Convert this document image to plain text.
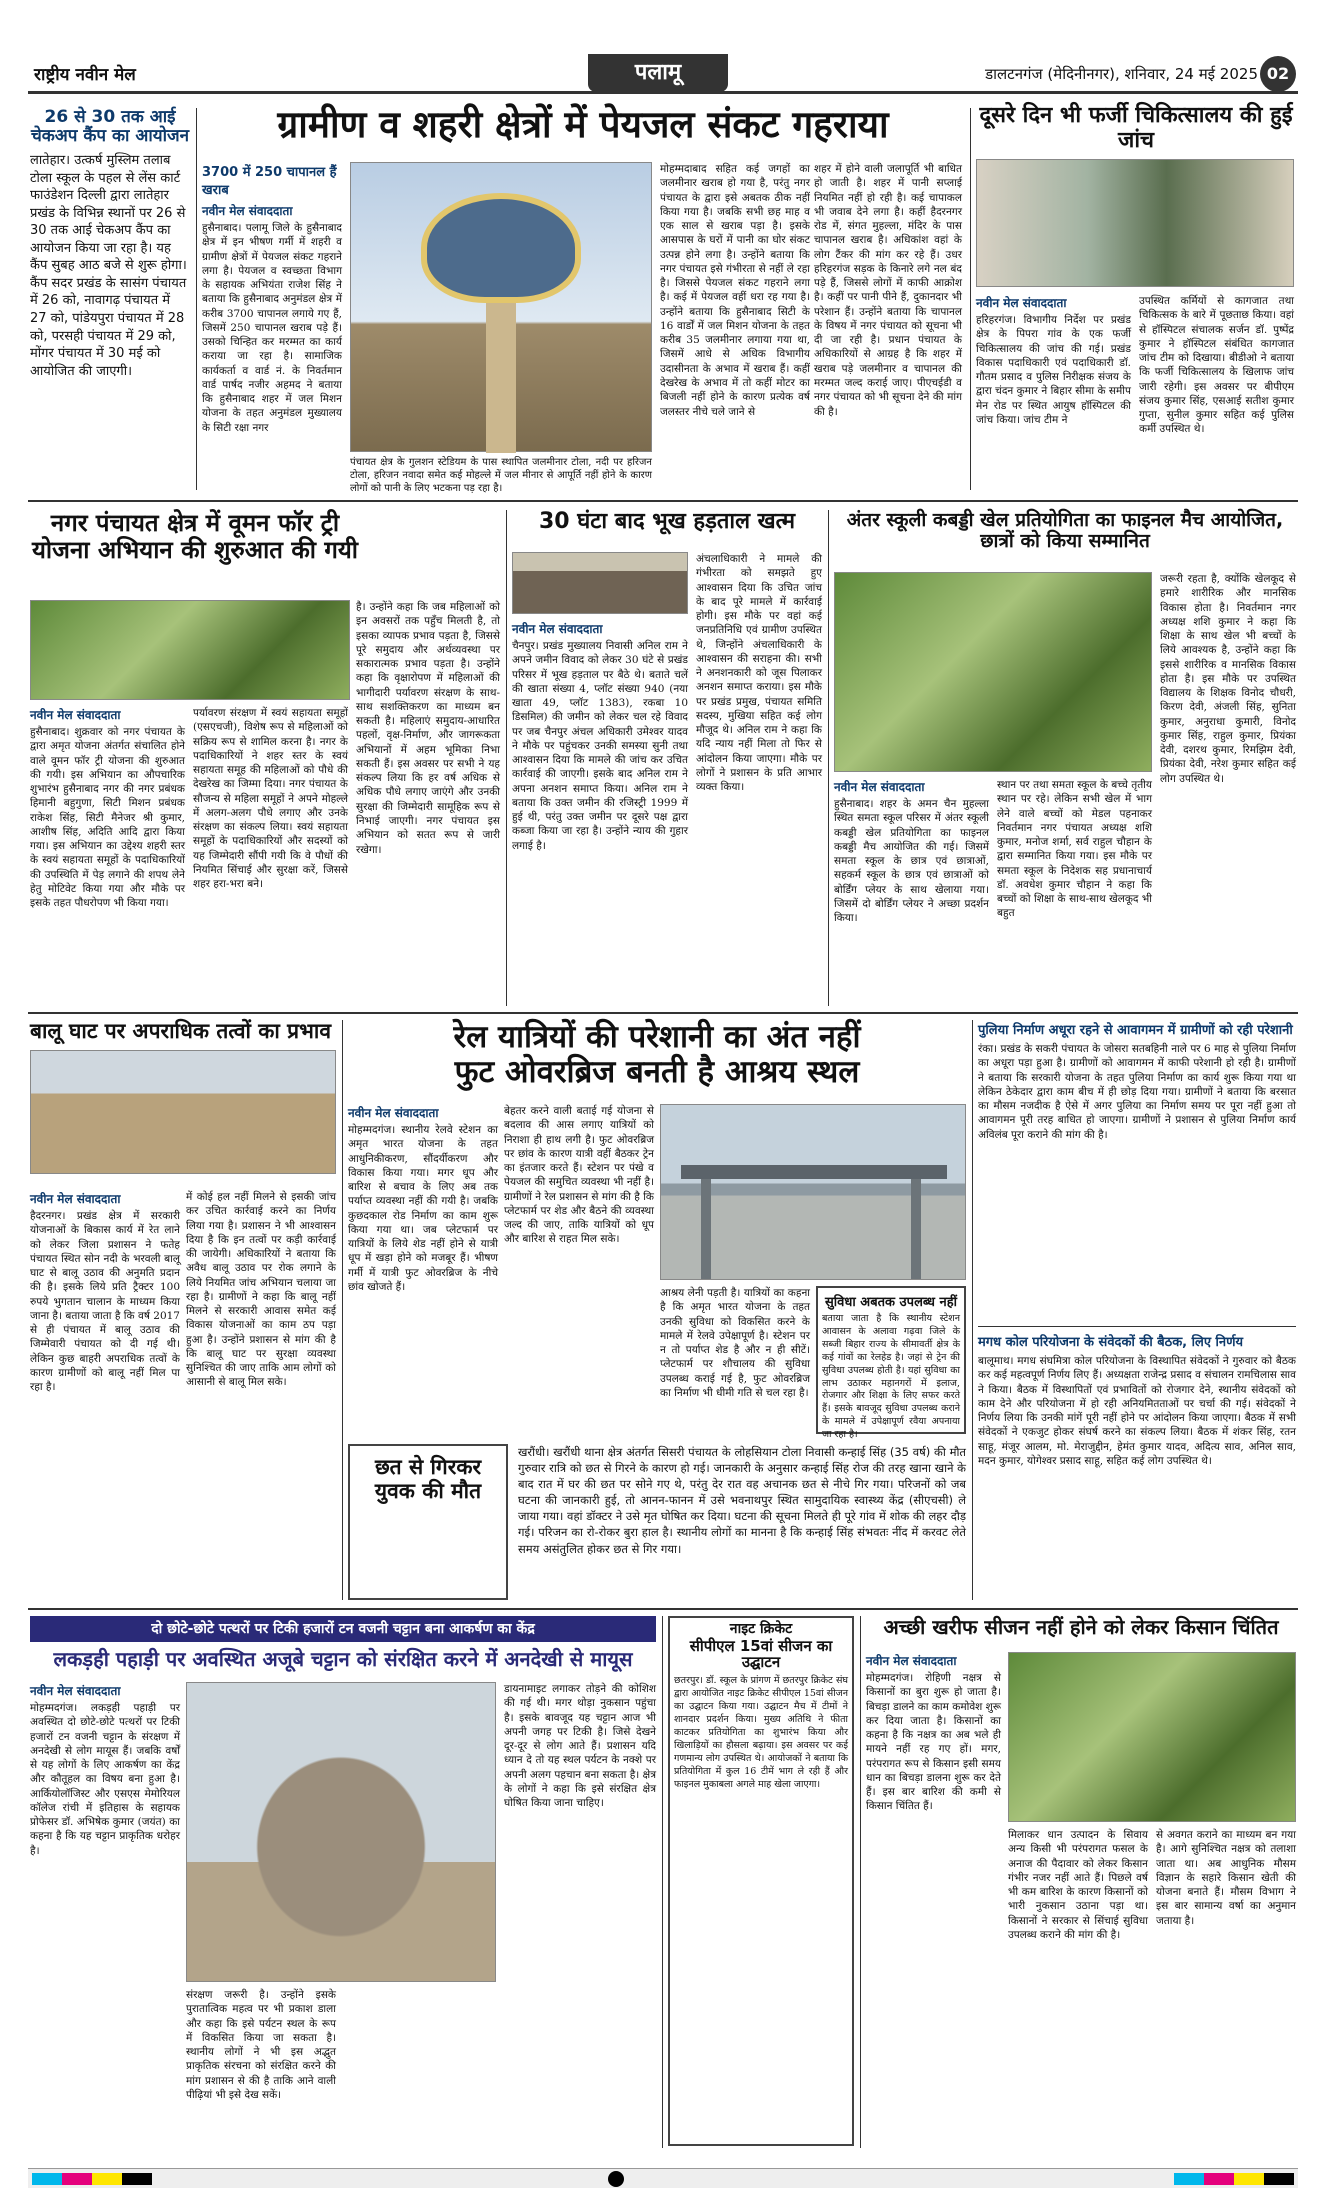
राष्ट्रीय नवीन मेल	पलामू	डालटनगंज (मेदिनीनगर), शनिवार, 24 मई 2025 02
26 से 30 तक आई चेकअप कैंप का आयोजन
लातेहार। उत्कर्ष मुस्लिम तलाब टोला स्कूल के पहल से लेंस कार्ट फाउंडेशन दिल्ली द्वारा लातेहार प्रखंड के विभिन्न स्थानों पर 26 से 30 तक आई चेकअप कैंप का आयोजन किया जा रहा है। यह कैंप सुबह आठ बजे से शुरू होगा। कैंप सदर प्रखंड के सासंग पंचायत में 26 को, नावागढ़ पंचायत में 27 को, पांडेयपुरा पंचायत में 28 को, परसही पंचायत में 29 को, मोंगर पंचायत में 30 मई को आयोजित की जाएगी।
ग्रामीण व शहरी क्षेत्रों में पेयजल संकट गहराया
3700 में 250 चापानल हैं खराब
नवीन मेल संवाददाता
हुसैनाबाद। पलामू जिले के हुसैनाबाद क्षेत्र में इन भीषण गर्मी में शहरी व ग्रामीण क्षेत्रों में पेयजल संकट गहराने लगा है। पेयजल व स्वच्छता विभाग के सहायक अभियंता राजेश सिंह ने बताया कि हुसैनाबाद अनुमंडल क्षेत्र में करीब 3700 चापानल लगाये गए हैं, जिसमें 250 चापानल खराब पड़े हैं। उसको चिन्हित कर मरम्मत का कार्य कराया जा रहा है। सामाजिक कार्यकर्ता व वार्ड नं. के निवर्तमान वार्ड पार्षद नजीर अहमद ने बताया कि हुसैनाबाद शहर में जल मिशन योजना के तहत अनुमंडल मुख्यालय के सिटी रक्षा नगर
पंचायत क्षेत्र के गुलशन स्टेडियम के पास स्थापित जलमीनार टोला, नदी पर हरिजन टोला, हरिजन नवादा समेत कई मोहल्ले में जल मीनार से आपूर्ति नहीं होने के कारण लोगों को पानी के लिए भटकना पड़ रहा है।
मोहम्मदाबाद सहित कई जगहों का जलमीनार खराब हो गया है, परंतु नगर पंचायत के द्वारा इसे अबतक ठीक नहीं किया गया है। जबकि सभी छह माह व एक साल से खराब पड़ा है। इसके आसपास के घरों में पानी का घोर संकट उत्पन्न होने लगा है। उन्होंने बताया कि नगर पंचायत इसे गंभीरता से नहीं ले रहा है। जिससे पेयजल संकट गहराने लगा है। कई में पेयजल वहीं धरा रह गया है। उन्होंने बताया कि हुसैनाबाद सिटी के 16 वार्डों में जल मिशन योजना के तहत करीब 35 जलमीनार लगाया गया था, जिसमें आधे से अधिक विभागीय उदासीनता के अभाव में खराब हैं। कहीं देखरेख के अभाव में तो कहीं मोटर का बिजली नहीं होने के कारण प्रत्येक वर्ष जलस्तर नीचे चले जाने से
शहर में होने वाली जलापूर्ति भी बाधित हो जाती है। शहर में पानी सप्लाई नियमित नहीं हो रही है। कई चापाकल भी जवाब देने लगा है। कहीं हैदरनगर रोड में, संगत मुहल्ला, मंदिर के पास चापानल खराब है। अधिकांश वहां के लोग टैंकर की मांग कर रहे हैं। उधर हरिहरगंज सड़क के किनारे लगे नल बंद पड़े हैं, जिससे लोगों में काफी आक्रोश है। कहीं पर पानी पीने हैं, दुकानदार भी परेशान हैं। उन्होंने बताया कि चापानल के विषय में नगर पंचायत को सूचना भी दी जा रही है। प्रधान पंचायत के अधिकारियों से आग्रह है कि शहर में खराब पड़े जलमीनार व चापानल की मरम्मत जल्द कराई जाए। पीएचईडी व नगर पंचायत को भी सूचना देने की मांग की है।
दूसरे दिन भी फर्जी चिकित्सालय की हुई जांच
नवीन मेल संवाददाता
हरिहरगंज। विभागीय निर्देश पर प्रखंड क्षेत्र के पिपरा गांव के एक फर्जी चिकित्सालय की जांच की गई। प्रखंड विकास पदाधिकारी एवं पदाधिकारी डॉ. गौतम प्रसाद व पुलिस निरीक्षक संजय के द्वारा चंदन कुमार ने बिहार सीमा के समीप मेन रोड पर स्थित आयुष हॉस्पिटल की जांच किया। जांच टीम ने
उपस्थित कर्मियों से कागजात तथा चिकित्सक के बारे में पूछताछ किया। वहां से हॉस्पिटल संचालक सर्जन डॉ. पुष्पेंद्र कुमार ने हॉस्पिटल संबंधित कागजात जांच टीम को दिखाया। बीडीओ ने बताया कि फर्जी चिकित्सालय के खिलाफ जांच जारी रहेगी। इस अवसर पर बीपीएम संजय कुमार सिंह, एसआई सतीश कुमार गुप्ता, सुनील कुमार सहित कई पुलिस कर्मी उपस्थित थे।
नगर पंचायत क्षेत्र में वूमन फॉर ट्री योजना अभियान की शुरुआत की गयी
नवीन मेल संवाददाता
हुसैनाबाद। शुक्रवार को नगर पंचायत के द्वारा अमृत योजना अंतर्गत संचालित होने वाले वूमन फॉर ट्री योजना की शुरुआत की गयी। इस अभियान का औपचारिक शुभारंभ हुसैनाबाद नगर की नगर प्रबंधक हिमानी बहुगुणा, सिटी मिशन प्रबंधक राकेश सिंह, सिटी मैनेजर श्री कुमार, आशीष सिंह, अदिति आदि द्वारा किया गया। इस अभियान का उद्देश्य शहरी स्तर के स्वयं सहायता समूहों के पदाधिकारियों की उपस्थिति में पेड़ लगाने की शपथ लेने हेतु मोटिवेट किया गया और मौके पर इसके तहत पौधरोपण भी किया गया।
पर्यावरण संरक्षण में स्वयं सहायता समूहों (एसएचजी), विशेष रूप से महिलाओं को सक्रिय रूप से शामिल करना है। नगर के पदाधिकारियों ने शहर स्तर के स्वयं सहायता समूह की महिलाओं को पौधे की देखरेख का जिम्मा दिया। नगर पंचायत के सौजन्य से महिला समूहों ने अपने मोहल्ले में अलग-अलग पौधे लगाए और उनके संरक्षण का संकल्प लिया। स्वयं सहायता समूहों के पदाधिकारियों और सदस्यों को यह जिम्मेदारी सौंपी गयी कि वे पौधों की नियमित सिंचाई और सुरक्षा करें, जिससे शहर हरा-भरा बने।
है। उन्होंने कहा कि जब महिलाओं को इन अवसरों तक पहुँच मिलती है, तो इसका व्यापक प्रभाव पड़ता है, जिससे पूरे समुदाय और अर्थव्यवस्था पर सकारात्मक प्रभाव पड़ता है। उन्होंने कहा कि वृक्षारोपण में महिलाओं की भागीदारी पर्यावरण संरक्षण के साथ-साथ सशक्तिकरण का माध्यम बन सकती है। महिलाएं समुदाय-आधारित पहलों, वृक्ष-निर्माण, और जागरूकता अभियानों में अहम भूमिका निभा सकती हैं। इस अवसर पर सभी ने यह संकल्प लिया कि हर वर्ष अधिक से अधिक पौधे लगाए जाएंगे और उनकी सुरक्षा की जिम्मेदारी सामूहिक रूप से निभाई जाएगी। नगर पंचायत इस अभियान को सतत रूप से जारी रखेगा।
30 घंटा बाद भूख हड़ताल खत्म
नवीन मेल संवाददाता
चैनपुर। प्रखंड मुख्यालय निवासी अनिल राम ने अपने जमीन विवाद को लेकर 30 घंटे से प्रखंड परिसर में भूख हड़ताल पर बैठे थे। बताते चलें की खाता संख्या 4, प्लॉट संख्या 940 (नया खाता 49, प्लॉट 1383), रकबा 10 डिसमिल) की जमीन को लेकर चल रहे विवाद पर जब चैनपुर अंचल अधिकारी उमेश्वर यादव ने मौके पर पहुंचकर उनकी समस्या सुनी तथा आश्वासन दिया कि मामले की जांच कर उचित कार्रवाई की जाएगी। इसके बाद अनिल राम ने अपना अनशन समाप्त किया। अनिल राम ने बताया कि उक्त जमीन की रजिस्ट्री 1999 में हुई थी, परंतु उक्त जमीन पर दूसरे पक्ष द्वारा कब्जा किया जा रहा है। उन्होंने न्याय की गुहार लगाई है।
अंचलाधिकारी ने मामले की गंभीरता को समझते हुए आश्वासन दिया कि उचित जांच के बाद पूरे मामले में कार्रवाई होगी। इस मौके पर वहां कई जनप्रतिनिधि एवं ग्रामीण उपस्थित थे, जिन्होंने अंचलाधिकारी के आश्वासन की सराहना की। सभी ने अनशनकारी को जूस पिलाकर अनशन समाप्त कराया। इस मौके पर प्रखंड प्रमुख, पंचायत समिति सदस्य, मुखिया सहित कई लोग मौजूद थे। अनिल राम ने कहा कि यदि न्याय नहीं मिला तो फिर से आंदोलन किया जाएगा। मौके पर लोगों ने प्रशासन के प्रति आभार व्यक्त किया।
अंतर स्कूली कबड्डी खेल प्रतियोगिता का फाइनल मैच आयोजित, छात्रों को किया सम्मानित
नवीन मेल संवाददाता
हुसैनाबाद। शहर के अमन चैन मुहल्ला स्थित समता स्कूल परिसर में अंतर स्कूली कबड्डी खेल प्रतियोगिता का फाइनल कबड्डी मैच आयोजित की गई। जिसमें समता स्कूल के छात्र एवं छात्राओं, सहकर्म स्कूल के छात्र एवं छात्राओं को बोर्डिंग प्लेयर के साथ खेलाया गया। जिसमें दो बोर्डिंग प्लेयर ने अच्छा प्रदर्शन किया।
स्थान पर तथा समता स्कूल के बच्चे तृतीय स्थान पर रहे। लेकिन सभी खेल में भाग लेने वाले बच्चों को मेडल पहनाकर निवर्तमान नगर पंचायत अध्यक्ष शशि कुमार, मनोज शर्मा, सर्व राहुल चौहान के द्वारा सम्मानित किया गया। इस मौके पर समता स्कूल के निदेशक सह प्रधानाचार्य डॉ. अवधेश कुमार चौहान ने कहा कि बच्चों को शिक्षा के साथ-साथ खेलकूद भी बहुत
जरूरी रहता है, क्योंकि खेलकूद से हमारे शारीरिक और मानसिक विकास होता है। निवर्तमान नगर अध्यक्ष शशि कुमार ने कहा कि शिक्षा के साथ खेल भी बच्चों के लिये आवश्यक है, उन्होंने कहा कि इससे शारीरिक व मानसिक विकास होता है। इस मौके पर उपस्थित विद्यालय के शिक्षक विनोद चौधरी, किरण देवी, अंजली सिंह, सुनिता कुमार, अनुराधा कुमारी, विनोद कुमार सिंह, राहुल कुमार, प्रियंका देवी, दशरथ कुमार, रिमझिम देवी, प्रियंका देवी, नरेश कुमार सहित कई लोग उपस्थित थे।
बालू घाट पर अपराधिक तत्वों का प्रभाव
नवीन मेल संवाददाता
हैदरनगर। प्रखंड क्षेत्र में सरकारी योजनाओं के बिकास कार्य में रेत लाने को लेकर जिला प्रशासन ने फतेह पंचायत स्थित सोन नदी के भरवली बालू घाट से बालू उठाव की अनुमति प्रदान की है। इसके लिये प्रति ट्रैक्टर 100 रुपये भुगतान चालान के माध्यम किया जाना है। बताया जाता है कि वर्ष 2017 से ही पंचायत में बालू उठाव की जिम्मेवारी पंचायत को दी गई थी। लेकिन कुछ बाहरी अपराधिक तत्वों के कारण ग्रामीणों को बालू नहीं मिल पा रहा है।
में कोई हल नहीं मिलने से इसकी जांच कर उचित कार्रवाई करने का निर्णय लिया गया है। प्रशासन ने भी आश्वासन दिया है कि इन तत्वों पर कड़ी कार्रवाई की जायेगी। अधिकारियों ने बताया कि अवैध बालू उठाव पर रोक लगाने के लिये नियमित जांच अभियान चलाया जा रहा है। ग्रामीणों ने कहा कि बालू नहीं मिलने से सरकारी आवास समेत कई विकास योजनाओं का काम ठप पड़ा हुआ है। उन्होंने प्रशासन से मांग की है कि बालू घाट पर सुरक्षा व्यवस्था सुनिश्चित की जाए ताकि आम लोगों को आसानी से बालू मिल सके।
रेल यात्रियों की परेशानी का अंत नहीं
फुट ओवरब्रिज बनती है आश्रय स्थल
नवीन मेल संवाददाता
मोहम्मदगंज। स्थानीय रेलवे स्टेशन का अमृत भारत योजना के तहत आधुनिकीकरण, सौंदर्यीकरण और विकास किया गया। मगर धूप और बारिश से बचाव के लिए अब तक पर्याप्त व्यवस्था नहीं की गयी है। जबकि कुछदकाल रोड निर्माण का काम शुरू किया गया था। जब प्लेटफार्म पर यात्रियों के लिये शेड नहीं होने से यात्री धूप में खड़ा होने को मजबूर हैं। भीषण गर्मी में यात्री फुट ओवरब्रिज के नीचे छांव खोजते हैं।
बेहतर करने वाली बताई गई योजना से बदलाव की आस लगाए यात्रियों को निराशा ही हाथ लगी है। फुट ओवरब्रिज पर छांव के कारण यात्री वहीं बैठकर ट्रेन का इंतजार करते हैं। स्टेशन पर पंखे व पेयजल की समुचित व्यवस्था भी नहीं है। ग्रामीणों ने रेल प्रशासन से मांग की है कि प्लेटफार्म पर शेड और बैठने की व्यवस्था जल्द की जाए, ताकि यात्रियों को धूप और बारिश से राहत मिल सके।
आश्रय लेनी पड़ती है। यात्रियों का कहना है कि अमृत भारत योजना के तहत उनकी सुविधा को विकसित करने के मामले में रेलवे उपेक्षापूर्ण है। स्टेशन पर न तो पर्याप्त शेड है और न ही सीटें। प्लेटफार्म पर शौचालय की सुविधा उपलब्ध कराई गई है, फुट ओवरब्रिज का निर्माण भी धीमी गति से चल रहा है।
सुविधा अबतक उपलब्ध नहीं
बताया जाता है कि स्थानीय स्टेशन आवासन के अलावा गढ़वा जिले के सब्जी बिहार राज्य के सीमावर्ती क्षेत्र के कई गांवों का रेलहेड है। जहां से ट्रेन की सुविधा उपलब्ध होती है। यहां सुविधा का लाभ उठाकर महानगरों में इलाज, रोजगार और शिक्षा के लिए सफर करते हैं। इसके बावजूद सुविधा उपलब्ध कराने के मामले में उपेक्षापूर्ण रवैया अपनाया जा रहा है।
छत से गिरकर युवक की मौत
खरौंधी। खरौंधी थाना क्षेत्र अंतर्गत सिसरी पंचायत के लोहसियान टोला निवासी कन्हाई सिंह (35 वर्ष) की मौत गुरुवार रात्रि को छत से गिरने के कारण हो गई। जानकारी के अनुसार कन्हाई सिंह रोज की तरह खाना खाने के बाद रात में घर की छत पर सोने गए थे, परंतु देर रात वह अचानक छत से नीचे गिर गया। परिजनों को जब घटना की जानकारी हुई, तो आनन-फानन में उसे भवनाथपुर स्थित सामुदायिक स्वास्थ्य केंद्र (सीएचसी) ले जाया गया। वहां डॉक्टर ने उसे मृत घोषित कर दिया। घटना की सूचना मिलते ही पूरे गांव में शोक की लहर दौड़ गई। परिजन का रो-रोकर बुरा हाल है। स्थानीय लोगों का मानना है कि कन्हाई सिंह संभवतः नींद में करवट लेते समय असंतुलित होकर छत से गिर गया।
पुलिया निर्माण अधूरा रहने से आवागमन में ग्रामीणों को रही परेशानी
रंका। प्रखंड के सकरी पंचायत के जोसरा सतबहिनी नाले पर 6 माह से पुलिया निर्माण का अधूरा पड़ा हुआ है। ग्रामीणों को आवागमन में काफी परेशानी हो रही है। ग्रामीणों ने बताया कि सरकारी योजना के तहत पुलिया निर्माण का कार्य शुरू किया गया था लेकिन ठेकेदार द्वारा काम बीच में ही छोड़ दिया गया। ग्रामीणों ने बताया कि बरसात का मौसम नजदीक है ऐसे में अगर पुलिया का निर्माण समय पर पूरा नहीं हुआ तो आवागमन पूरी तरह बाधित हो जाएगा। ग्रामीणों ने प्रशासन से पुलिया निर्माण कार्य अविलंब पूरा कराने की मांग की है।
मगध कोल परियोजना के संवेदकों की बैठक, लिए निर्णय
बालूमाथ। मगध संघमित्रा कोल परियोजना के विस्थापित संवेदकों ने गुरुवार को बैठक कर कई महत्वपूर्ण निर्णय लिए हैं। अध्यक्षता राजेन्द्र प्रसाद व संचालन रामचिलास साव ने किया। बैठक में विस्थापितों एवं प्रभावितों को रोजगार देने, स्थानीय संवेदकों को काम देने और परियोजना में हो रही अनियमितताओं पर चर्चा की गई। संवेदकों ने निर्णय लिया कि उनकी मांगें पूरी नहीं होने पर आंदोलन किया जाएगा। बैठक में सभी संवेदकों ने एकजुट होकर संघर्ष करने का संकल्प लिया। बैठक में शंकर सिंह, रतन साहू, मंजूर आलम, मो. मेराजुद्दीन, हेमंत कुमार यादव, अदित्य साव, अनिल साव, मदन कुमार, योगेश्वर प्रसाद साहू, सहित कई लोग उपस्थित थे।
दो छोटे-छोटे पत्थरों पर टिकी हजारों टन वजनी चट्टान बना आकर्षण का केंद्र
लकड़ही पहाड़ी पर अवस्थित अजूबे चट्टान को संरक्षित करने में अनदेखी से मायूस
नवीन मेल संवाददाता
मोहम्मदगंज। लकड़ही पहाड़ी पर अवस्थित दो छोटे-छोटे पत्थरों पर टिकी हजारों टन वजनी चट्टान के संरक्षण में अनदेखी से लोग मायूस हैं। जबकि वर्षों से यह लोगों के लिए आकर्षण का केंद्र और कौतूहल का विषय बना हुआ है। आर्कियोलॉजिस्ट और एसएस मेमोरियल कॉलेज रांची में इतिहास के सहायक प्रोफेसर डॉ. अभिषेक कुमार (जयंत) का कहना है कि यह चट्टान प्राकृतिक धरोहर है।
संरक्षण जरूरी है। उन्होंने इसके पुरातात्विक महत्व पर भी प्रकाश डाला और कहा कि इसे पर्यटन स्थल के रूप में विकसित किया जा सकता है। स्थानीय लोगों ने भी इस अद्भुत प्राकृतिक संरचना को संरक्षित करने की मांग प्रशासन से की है ताकि आने वाली पीढ़ियां भी इसे देख सकें।
डायनामाइट लगाकर तोड़ने की कोशिश की गई थी। मगर थोड़ा नुकसान पहुंचा है। इसके बावजूद यह चट्टान आज भी अपनी जगह पर टिकी है। जिसे देखने दूर-दूर से लोग आते हैं। प्रशासन यदि ध्यान दे तो यह स्थल पर्यटन के नक्शे पर अपनी अलग पहचान बना सकता है। क्षेत्र के लोगों ने कहा कि इसे संरक्षित क्षेत्र घोषित किया जाना चाहिए।
नाइट क्रिकेट
सीपीएल 15वां सीजन का उद्घाटन
छतरपुर। डॉ. स्कूल के प्रांगण में छतरपुर क्रिकेट संघ द्वारा आयोजित नाइट क्रिकेट सीपीएल 15वां सीजन का उद्घाटन किया गया। उद्घाटन मैच में टीमों ने शानदार प्रदर्शन किया। मुख्य अतिथि ने फीता काटकर प्रतियोगिता का शुभारंभ किया और खिलाड़ियों का हौसला बढ़ाया। इस अवसर पर कई गणमान्य लोग उपस्थित थे। आयोजकों ने बताया कि प्रतियोगिता में कुल 16 टीमें भाग ले रही हैं और फाइनल मुकाबला अगले माह खेला जाएगा।
अच्छी खरीफ सीजन नहीं होने को लेकर किसान चिंतित
नवीन मेल संवाददाता
मोहम्मदगंज। रोहिणी नक्षत्र से किसानों का बुरा शुरू हो जाता है। बिचड़ा डालने का काम कमोवेश शुरू कर दिया जाता है। किसानों का कहना है कि नक्षत्र का अब भले ही मायने नहीं रह गए हों। मगर, परंपरागत रूप से किसान इसी समय धान का बिचड़ा डालना शुरू कर देते हैं। इस बार बारिश की कमी से किसान चिंतित हैं।
मिलाकर धान उत्पादन के सिवाय अन्य किसी भी परंपरागत फसल के अनाज की पैदावार को लेकर किसान गंभीर नजर नहीं आते हैं। पिछले वर्ष भी कम बारिश के कारण किसानों को भारी नुकसान उठाना पड़ा था। किसानों ने सरकार से सिंचाई सुविधा उपलब्ध कराने की मांग की है।
से अवगत कराने का माध्यम बन गया है। आगे सुनिश्चित नक्षत्र को तलाशा जाता था। अब आधुनिक मौसम विज्ञान के सहारे किसान खेती की योजना बनाते हैं। मौसम विभाग ने इस बार सामान्य वर्षा का अनुमान जताया है।
